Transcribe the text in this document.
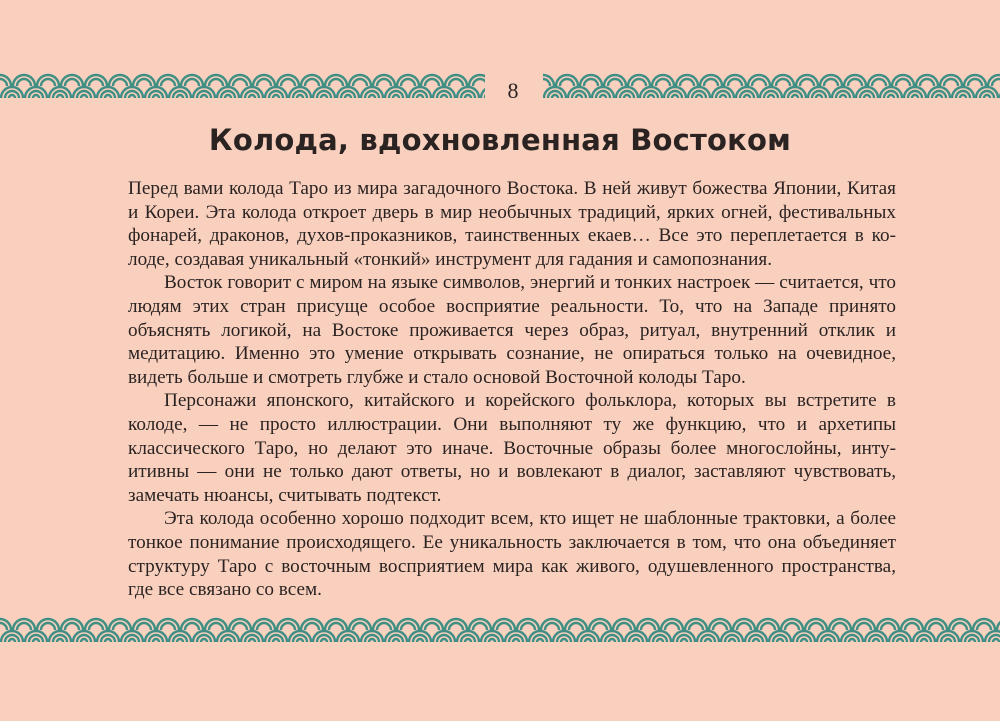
8
Колода, вдохновленная Востоком

Перед вами колода Таро из мира загадочного Востока. В ней живут божества Японии, Китая и Кореи. Эта колода откроет дверь в мир необычных традиций, ярких огней, фестивальных фонарей, драконов, духов-проказников, таинственных екаев… Все это переплетается в колоде, создавая уникальный «тонкий» инструмент для гадания и самопознания.

Восток говорит с миром на языке символов, энергий и тонких настроек — считается, что людям этих стран присуще особое восприятие реальности. То, что на Западе принято объяснять логикой, на Востоке проживается через образ, ритуал, внутренний отклик и медитацию. Именно это умение открывать сознание, не опираться только на очевидное, видеть больше и смотреть глубже и стало основой Восточной колоды Таро.

Персонажи японского, китайского и корейского фольклора, которых вы встретите в колоде, — не просто иллюстрации. Они выполняют ту же функцию, что и архетипы классического Таро, но делают это иначе. Восточные образы более многослойны, интуитивны — они не только дают ответы, но и вовлекают в диалог, заставляют чувствовать, замечать нюансы, считывать подтекст.

Эта колода особенно хорошо подходит всем, кто ищет не шаблонные трактовки, а более тонкое понимание происходящего. Ее уникальность заключается в том, что она объединяет структуру Таро с восточным восприятием мира как живого, одушевленного пространства, где все связано со всем.
